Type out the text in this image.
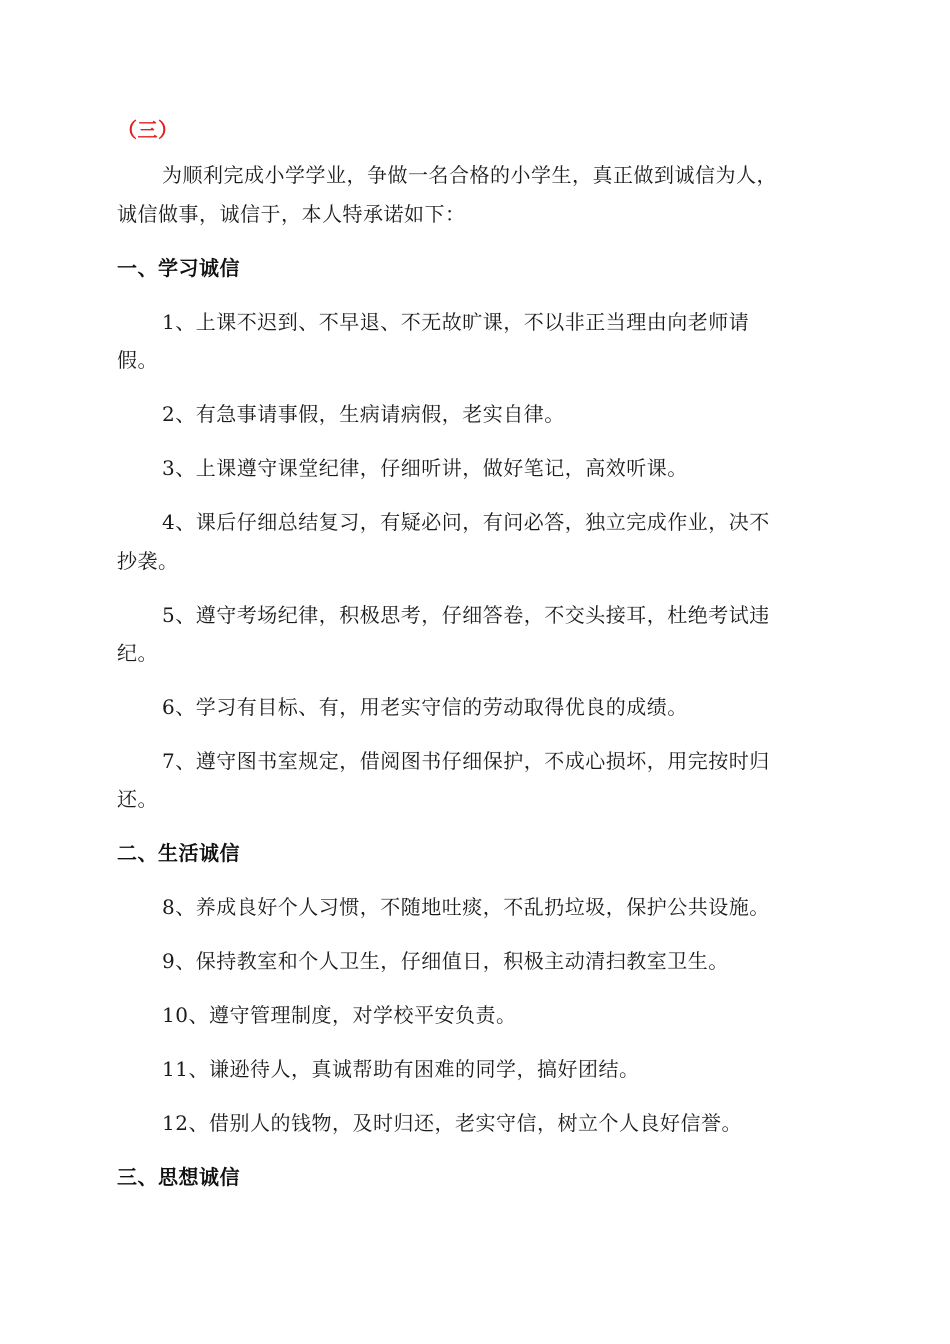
（三）
为顺利完成小学学业，争做一名合格的小学生，真正做到诚信为人，
诚信做事，诚信于，本人特承诺如下：
一、学习诚信
1、上课不迟到、不早退、不无故旷课，不以非正当理由向老师请
假。
2、有急事请事假，生病请病假，老实自律。
3、上课遵守课堂纪律，仔细听讲，做好笔记，高效听课。
4、课后仔细总结复习，有疑必问，有问必答，独立完成作业，决不
抄袭。
5、遵守考场纪律，积极思考，仔细答卷，不交头接耳，杜绝考试违
纪。
6、学习有目标、有，用老实守信的劳动取得优良的成绩。
7、遵守图书室规定，借阅图书仔细保护，不成心损坏，用完按时归
还。
二、生活诚信
8、养成良好个人习惯，不随地吐痰，不乱扔垃圾，保护公共设施。
9、保持教室和个人卫生，仔细值日，积极主动清扫教室卫生。
10、遵守管理制度，对学校平安负责。
11、谦逊待人，真诚帮助有困难的同学，搞好团结。
12、借别人的钱物，及时归还，老实守信，树立个人良好信誉。
三、思想诚信
